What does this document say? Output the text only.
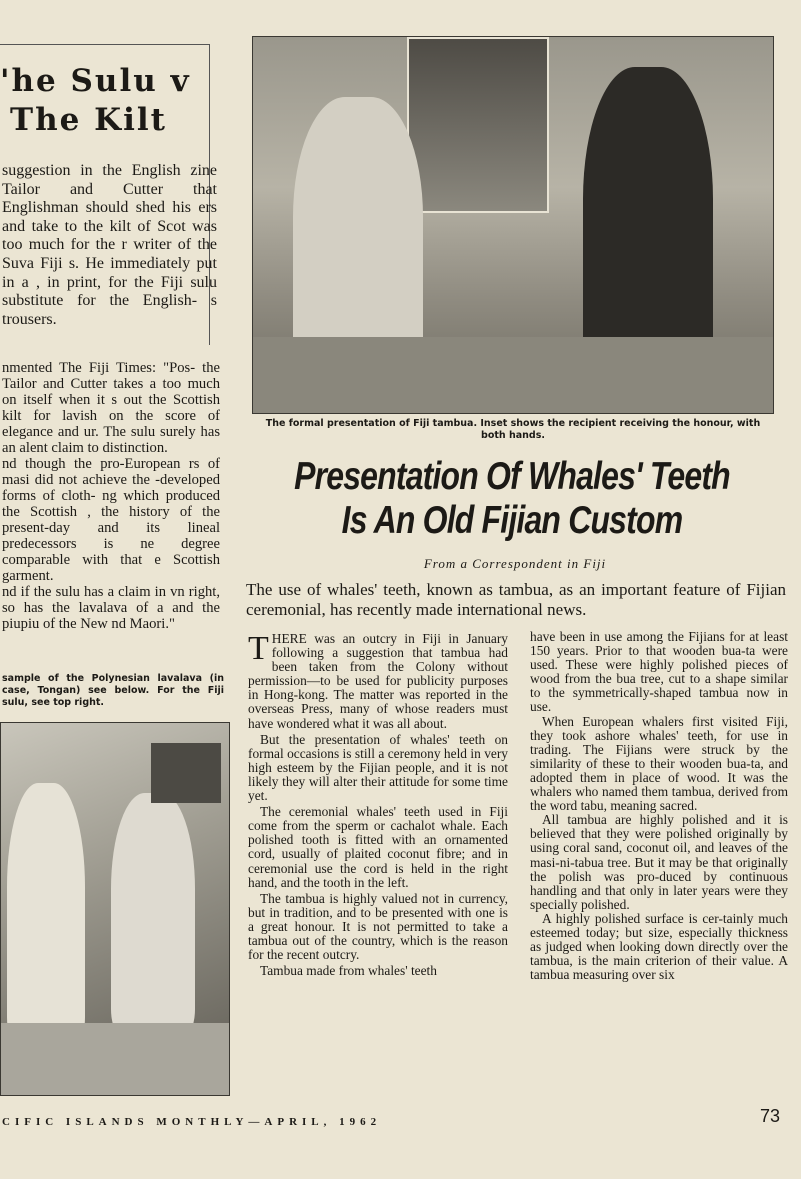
'he Sulu v
The Kilt

suggestion in the English zine Tailor and Cutter that Englishman should shed his ers and take to the kilt of Scot was too much for the r writer of the Suva Fiji s. He immediately put in a , in print, for the Fiji sulu substitute for the English- s trousers.

nmented The Fiji Times: "Pos- the Tailor and Cutter takes a too much on itself when it s out the Scottish kilt for lavish on the score of elegance and ur. The sulu surely has an alent claim to distinction.

nd though the pro-European rs of masi did not achieve the -developed forms of cloth- ng which produced the Scottish , the history of the present-day and its lineal predecessors is ne degree comparable with that e Scottish garment.

nd if the sulu has a claim in vn right, so has the lavalava of a and the piupiu of the New nd Maori."

sample of the Polynesian lavalava (in case, Tongan) see below. For the Fiji sulu, see top right.
The formal presentation of Fiji tambua. Inset shows the recipient receiving the honour, with both hands.
Presentation Of Whales' Teeth
Is An Old Fijian Custom
From a Correspondent in Fiji
The use of whales' teeth, known as tambua, as an important feature of Fijian ceremonial, has recently made international news.
T HERE was an outcry in Fiji in January following a suggestion that tambua had been taken from the Colony without permission—to be used for publicity purposes in Hong-kong. The matter was reported in the overseas Press, many of whose readers must have wondered what it was all about.

But the presentation of whales' teeth on formal occasions is still a ceremony held in very high esteem by the Fijian people, and it is not likely they will alter their attitude for some time yet.

The ceremonial whales' teeth used in Fiji come from the sperm or cachalot whale. Each polished tooth is fitted with an ornamented cord, usually of plaited coconut fibre; and in ceremonial use the cord is held in the right hand, and the tooth in the left.

The tambua is highly valued not in currency, but in tradition, and to be presented with one is a great honour. It is not permitted to take a tambua out of the country, which is the reason for the recent outcry.

Tambua made from whales' teeth

have been in use among the Fijians for at least 150 years. Prior to that wooden bua-ta were used. These were highly polished pieces of wood from the bua tree, cut to a shape similar to the symmetrically-shaped tambua now in use.

When European whalers first visited Fiji, they took ashore whales' teeth, for use in trading. The Fijians were struck by the similarity of these to their wooden bua-ta, and adopted them in place of wood. It was the whalers who named them tambua, derived from the word tabu, meaning sacred.

All tambua are highly polished and it is believed that they were polished originally by using coral sand, coconut oil, and leaves of the masi-ni-tabua tree. But it may be that originally the polish was pro-duced by continuous handling and that only in later years were they specially polished.

A highly polished surface is cer-tainly much esteemed today; but size, especially thickness as judged when looking down directly over the tambua, is the main criterion of their value. A tambua measuring over six

CIFIC ISLANDS MONTHLY—APRIL, 1962	73
